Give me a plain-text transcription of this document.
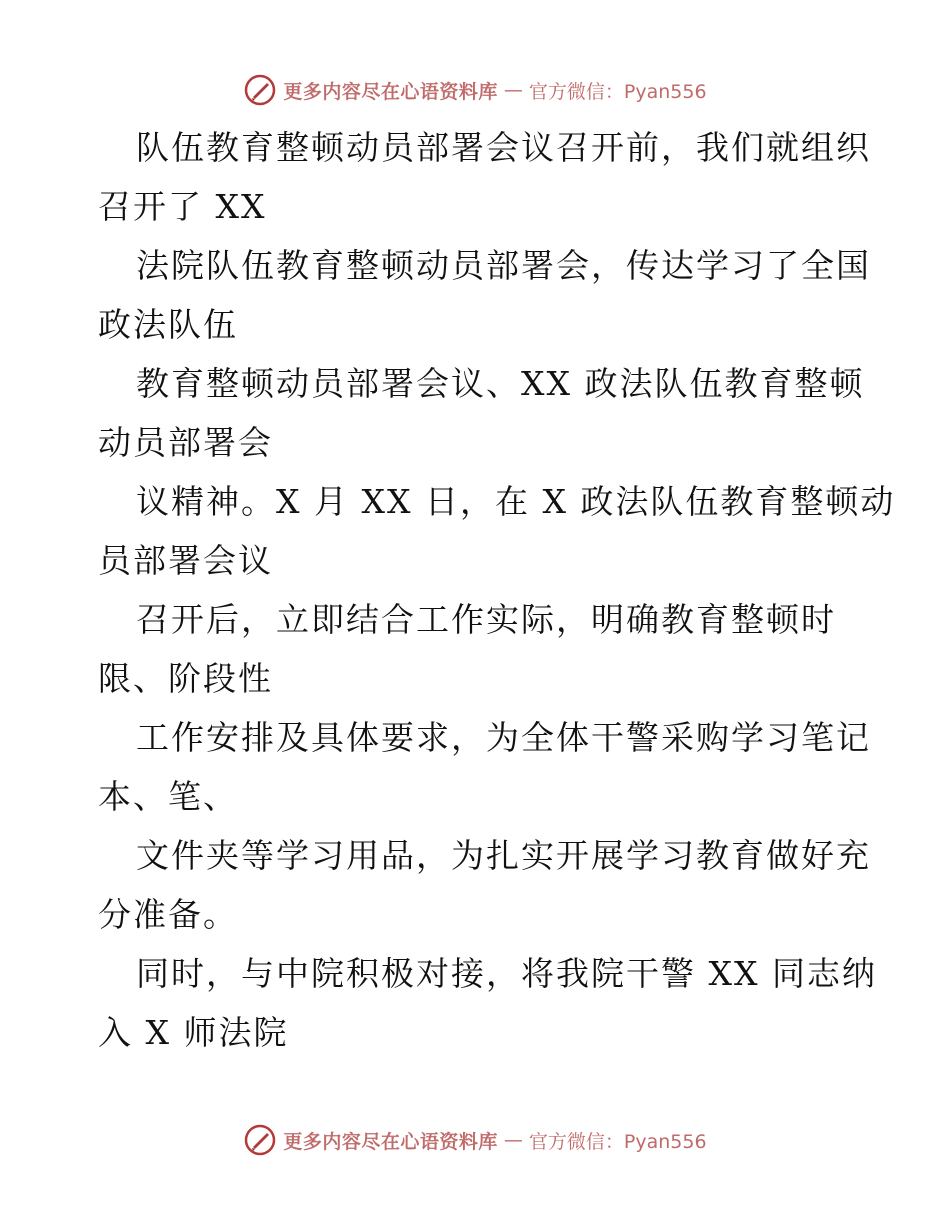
更多内容尽在心语资料库 — 官方微信：Pyan556
队伍教育整顿动员部署会议召开前，我们就组织
召开了 XX
法院队伍教育整顿动员部署会，传达学习了全国
政法队伍
教育整顿动员部署会议、XX 政法队伍教育整顿
动员部署会
议精神。X 月 XX 日，在 X 政法队伍教育整顿动
员部署会议
召开后，立即结合工作实际，明确教育整顿时
限、阶段性
工作安排及具体要求，为全体干警采购学习笔记
本、笔、
文件夹等学习用品，为扎实开展学习教育做好充
分准备。
同时，与中院积极对接，将我院干警 XX 同志纳
入 X 师法院
更多内容尽在心语资料库 — 官方微信：Pyan556
